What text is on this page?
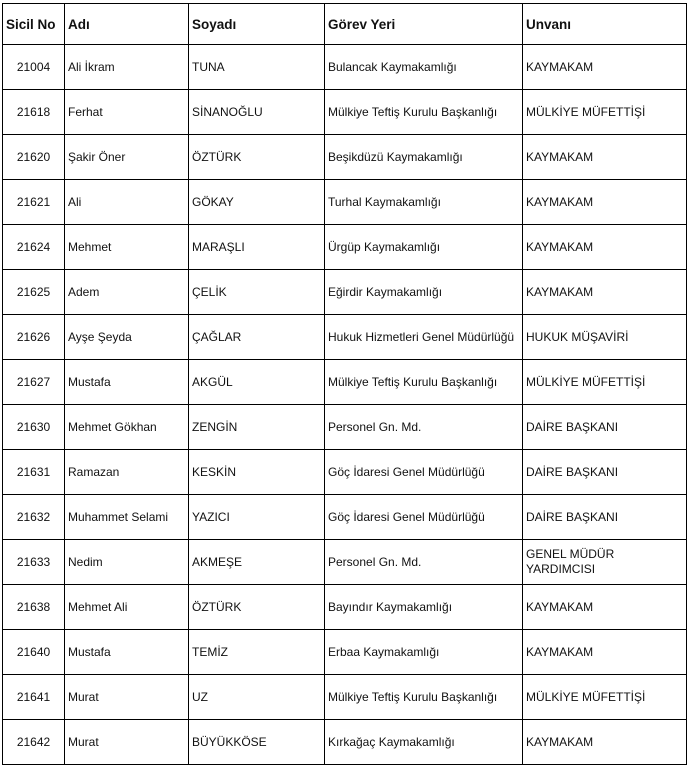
Sicil No	Adı	Soyadı	Görev Yeri	Unvanı
21004	Ali İkram	TUNA	Bulancak Kaymakamlığı	KAYMAKAM
21618	Ferhat	SİNANOĞLU	Mülkiye Teftiş Kurulu Başkanlığı	MÜLKİYE MÜFETTİŞİ
21620	Şakir Öner	ÖZTÜRK	Beşikdüzü Kaymakamlığı	KAYMAKAM
21621	Ali	GÖKAY	Turhal Kaymakamlığı	KAYMAKAM
21624	Mehmet	MARAŞLI	Ürgüp Kaymakamlığı	KAYMAKAM
21625	Adem	ÇELİK	Eğirdir Kaymakamlığı	KAYMAKAM
21626	Ayşe Şeyda	ÇAĞLAR	Hukuk Hizmetleri Genel Müdürlüğü	HUKUK MÜŞAVİRİ
21627	Mustafa	AKGÜL	Mülkiye Teftiş Kurulu Başkanlığı	MÜLKİYE MÜFETTİŞİ
21630	Mehmet Gökhan	ZENGİN	Personel Gn. Md.	DAİRE BAŞKANI
21631	Ramazan	KESKİN	Göç İdaresi Genel Müdürlüğü	DAİRE BAŞKANI
21632	Muhammet Selami	YAZICI	Göç İdaresi Genel Müdürlüğü	DAİRE BAŞKANI
21633	Nedim	AKMEŞE	Personel Gn. Md.	GENEL MÜDÜR YARDIMCISI
21638	Mehmet Ali	ÖZTÜRK	Bayındır Kaymakamlığı	KAYMAKAM
21640	Mustafa	TEMİZ	Erbaa Kaymakamlığı	KAYMAKAM
21641	Murat	UZ	Mülkiye Teftiş Kurulu Başkanlığı	MÜLKİYE MÜFETTİŞİ
21642	Murat	BÜYÜKKÖSE	Kırkağaç Kaymakamlığı	KAYMAKAM
